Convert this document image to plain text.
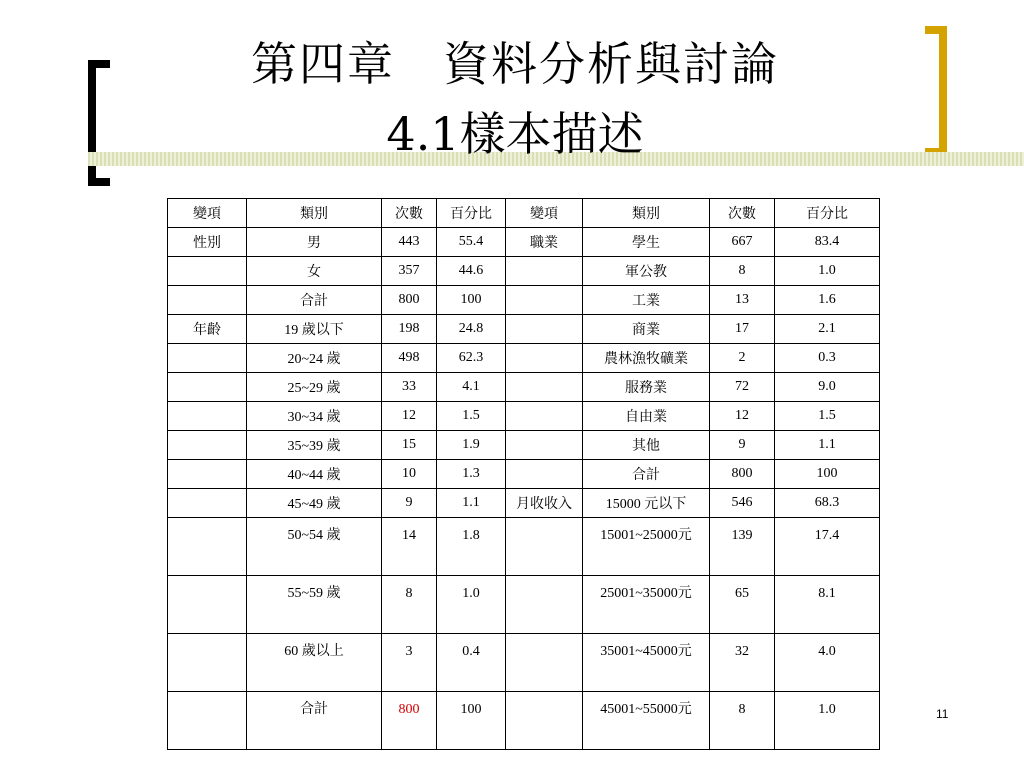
第四章　資料分析與討論
4.1樣本描述
變項	類別	次數	百分比	變項	類別	次數	百分比
性別	男	443	55.4	職業	學生	667	83.4
	女	357	44.6		軍公教	8	1.0
	合計	800	100		工業	13	1.6
年齡	19 歲以下	198	24.8		商業	17	2.1
	20~24 歲	498	62.3		農林漁牧礦業	2	0.3
	25~29 歲	33	4.1		服務業	72	9.0
	30~34 歲	12	1.5		自由業	12	1.5
	35~39 歲	15	1.9		其他	9	1.1
	40~44 歲	10	1.3		合計	800	100
	45~49 歲	9	1.1	月收收入	15000 元以下	546	68.3
	50~54 歲	14	1.8		15001~25000元	139	17.4
	55~59 歲	8	1.0		25001~35000元	65	8.1
	60 歲以上	3	0.4		35001~45000元	32	4.0
	合計	800	100		45001~55000元	8	1.0	11
